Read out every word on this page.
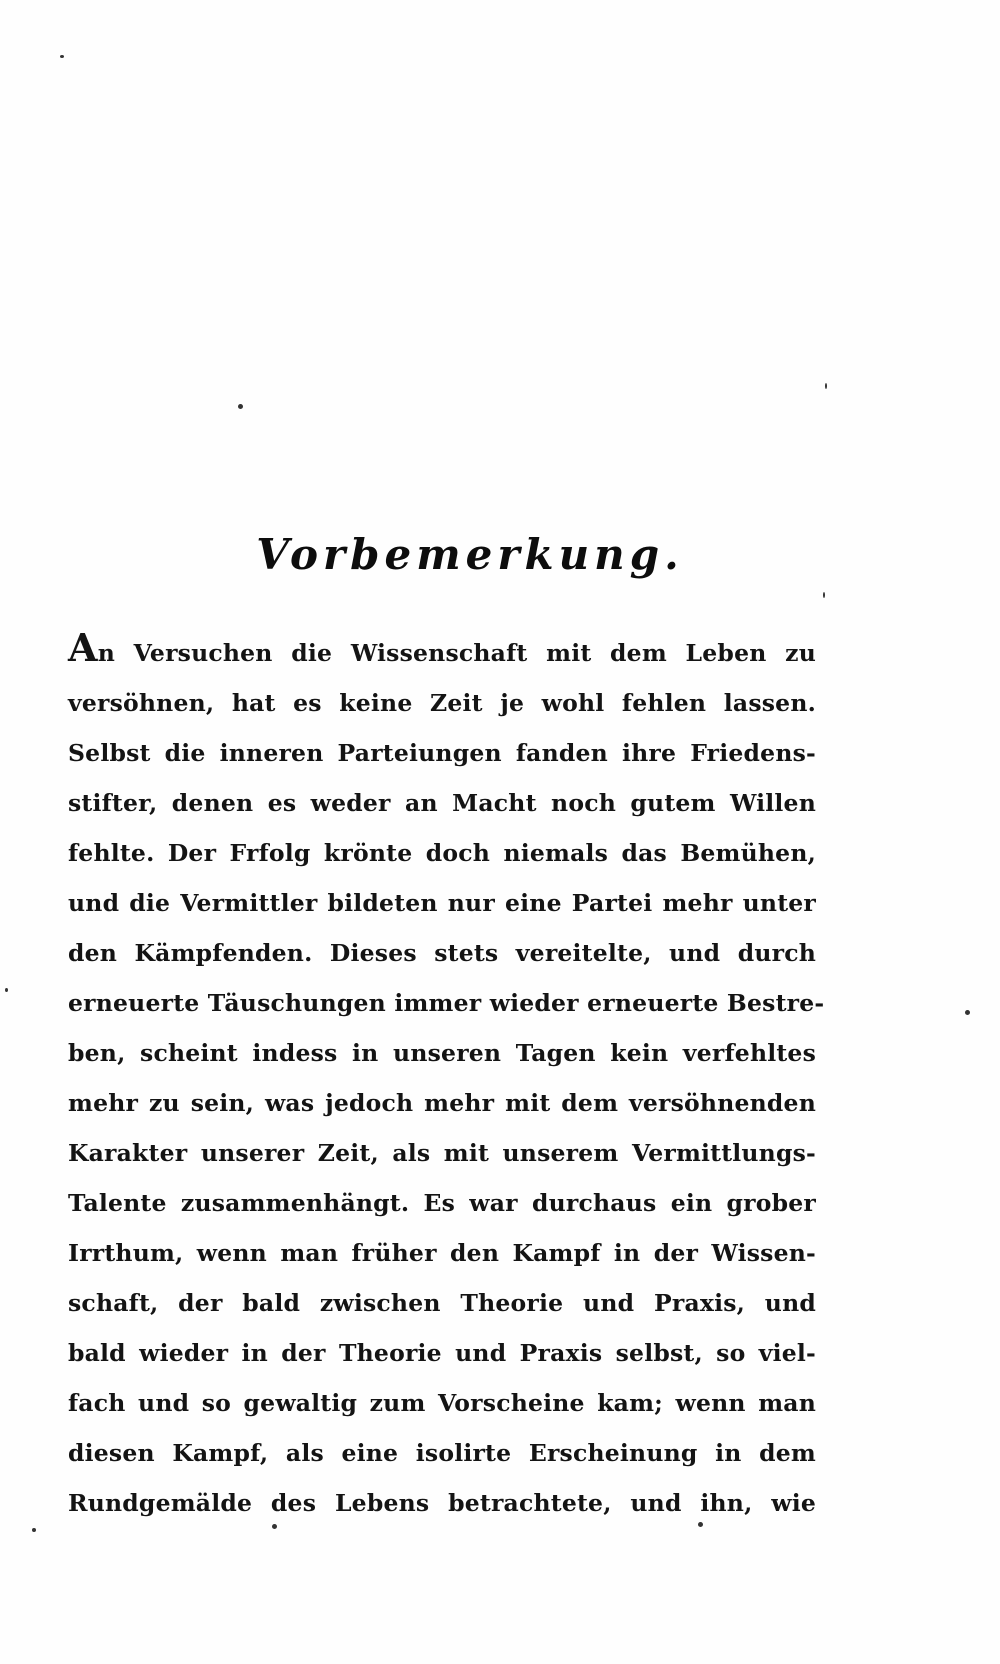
Vorbemerkung.
A n Versuchen die Wissenschaft mit dem Leben zu
versöhnen, hat es keine Zeit je wohl fehlen lassen.
Selbst die inneren Parteiungen fanden ihre Friedens-
stifter, denen es weder an Macht noch gutem Willen
fehlte. Der Frfolg krönte doch niemals das Bemühen,
und die Vermittler bildeten nur eine Partei mehr unter
den Kämpfenden. Dieses stets vereitelte, und durch
erneuerte Täuschungen immer wieder erneuerte Bestre-
ben, scheint indess in unseren Tagen kein verfehltes
mehr zu sein, was jedoch mehr mit dem versöhnenden
Karakter unserer Zeit, als mit unserem Vermittlungs-
Talente zusammenhängt. Es war durchaus ein grober
Irrthum, wenn man früher den Kampf in der Wissen-
schaft, der bald zwischen Theorie und Praxis, und
bald wieder in der Theorie und Praxis selbst, so viel-
fach und so gewaltig zum Vorscheine kam; wenn man
diesen Kampf, als eine isolirte Erscheinung in dem
Rundgemälde des Lebens betrachtete, und ihn, wie
